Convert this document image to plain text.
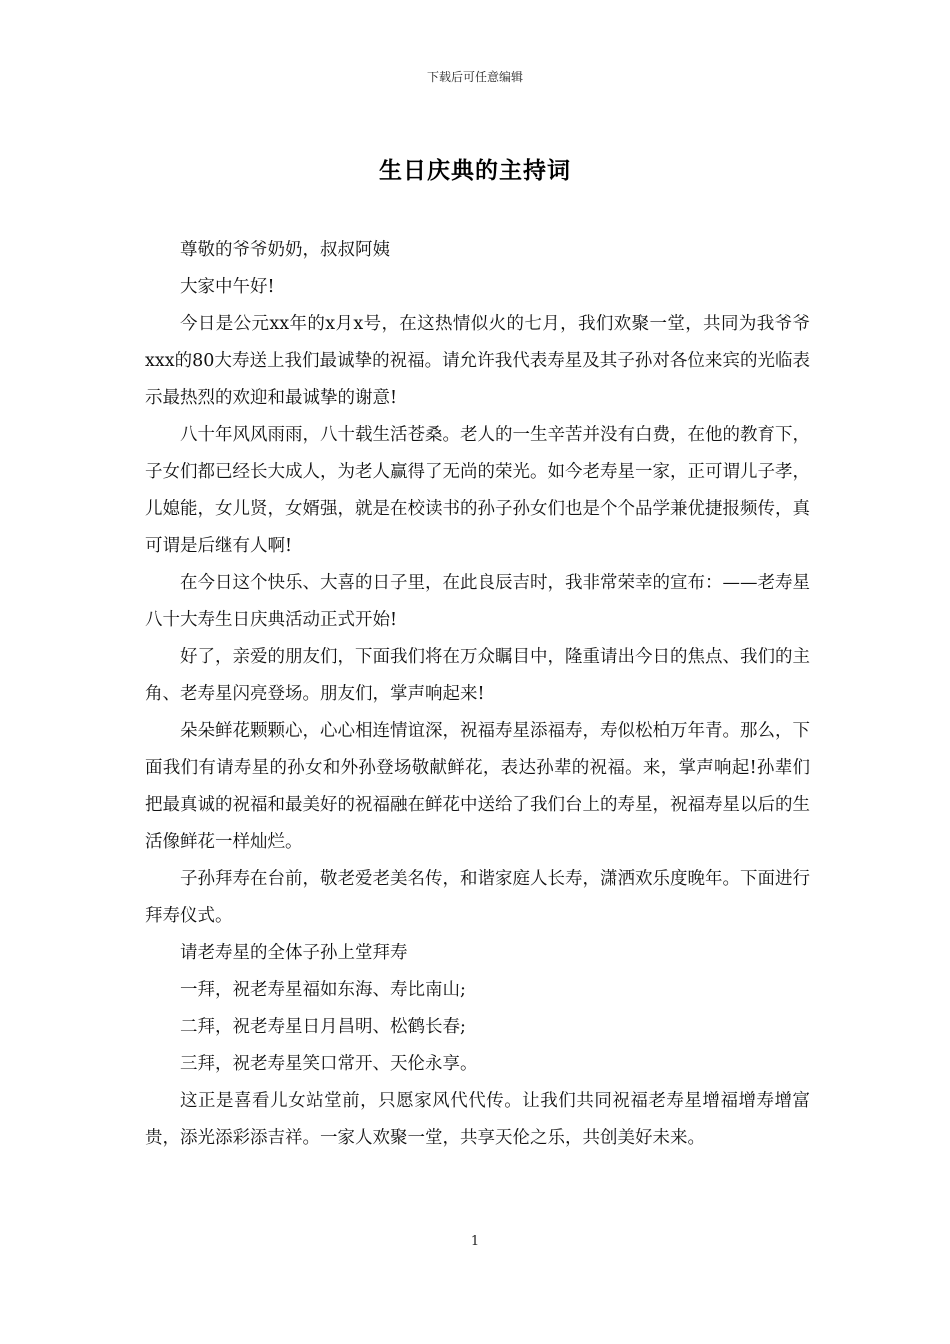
下载后可任意编辑
生日庆典的主持词

尊敬的爷爷奶奶，叔叔阿姨

大家中午好!

今日是公元xx年的x月x号，在这热情似火的七月，我们欢聚一堂，共同为我爷爷xxx的80大寿送上我们最诚挚的祝福。请允许我代表寿星及其子孙对各位来宾的光临表示最热烈的欢迎和最诚挚的谢意!

八十年风风雨雨，八十载生活苍桑。老人的一生辛苦并没有白费，在他的教育下，子女们都已经长大成人，为老人赢得了无尚的荣光。如今老寿星一家，正可谓儿子孝，儿媳能，女儿贤，女婿强，就是在校读书的孙子孙女们也是个个品学兼优捷报频传，真可谓是后继有人啊!

在今日这个快乐、大喜的日子里，在此良辰吉时，我非常荣幸的宣布：——老寿星八十大寿生日庆典活动正式开始!

好了，亲爱的朋友们，下面我们将在万众瞩目中，隆重请出今日的焦点、我们的主角、老寿星闪亮登场。朋友们，掌声响起来!

朵朵鲜花颗颗心，心心相连情谊深，祝福寿星添福寿，寿似松柏万年青。那么，下面我们有请寿星的孙女和外孙登场敬献鲜花，表达孙辈的祝福。来，掌声响起!孙辈们把最真诚的祝福和最美好的祝福融在鲜花中送给了我们台上的寿星，祝福寿星以后的生活像鲜花一样灿烂。

子孙拜寿在台前，敬老爱老美名传，和谐家庭人长寿，潇洒欢乐度晚年。下面进行拜寿仪式。

请老寿星的全体子孙上堂拜寿

一拜，祝老寿星福如东海、寿比南山;

二拜，祝老寿星日月昌明、松鹤长春;

三拜，祝老寿星笑口常开、天伦永享。

这正是喜看儿女站堂前，只愿家风代代传。让我们共同祝福老寿星增福增寿增富贵，添光添彩添吉祥。一家人欢聚一堂，共享天伦之乐，共创美好未来。

1
